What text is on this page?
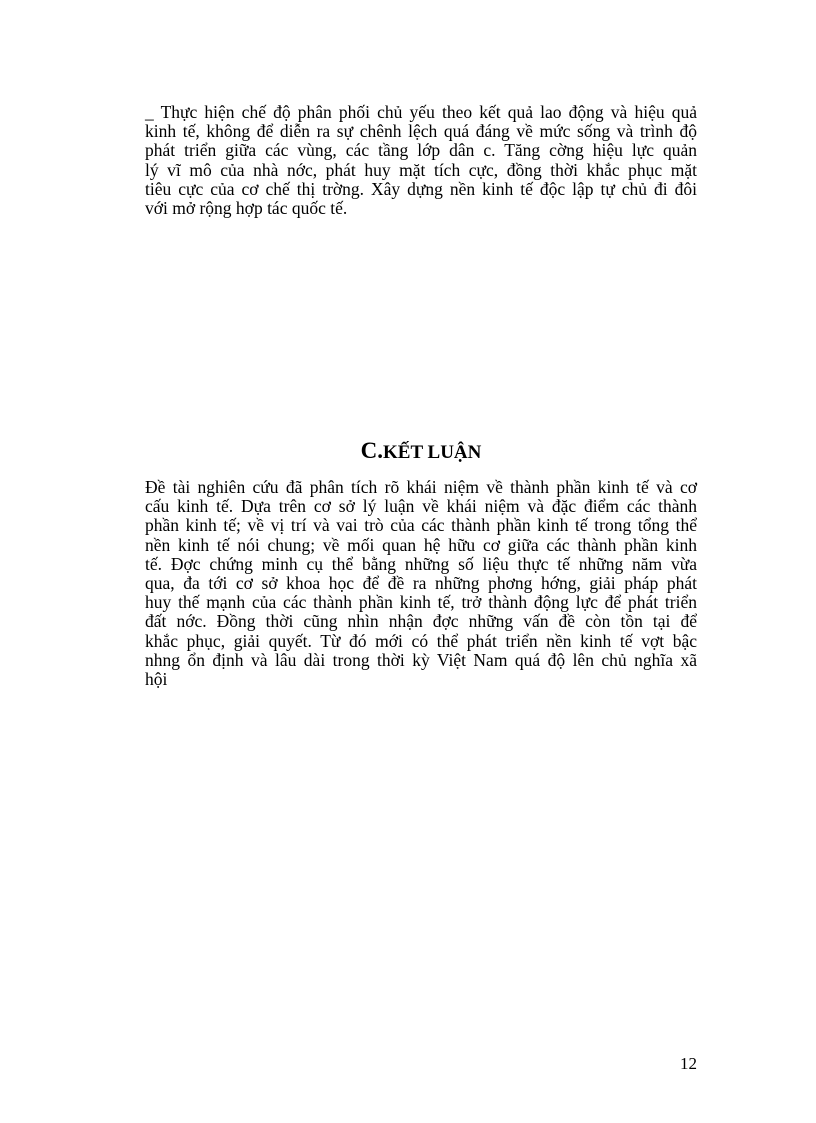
_ Thực hiện chế độ phân phối chủ yếu theo kết quả lao động và hiệu quả
kinh tế, không để diễn ra sự chênh lệch quá đáng về mức sống và trình độ
phát triển giữa các vùng, các tầng lớp dân c. Tăng cờng hiệu lực quản
lý vĩ mô của nhà nớc, phát huy mặt tích cực, đồng thời khắc phục mặt
tiêu cực của cơ chế thị trờng. Xây dựng nền kinh tế độc lập tự chủ đi đôi
với mở rộng hợp tác quốc tế.
C.KẾT LUẬN
Đề tài nghiên cứu đã phân tích rõ khái niệm về thành phần kinh tế và cơ
cấu kinh tế. Dựa trên cơ sở lý luận về khái niệm và đặc điểm các thành
phần kinh tế; về vị trí và vai trò của các thành phần kinh tế trong tổng thể
nền kinh tế nói chung; về mối quan hệ hữu cơ giữa các thành phần kinh
tế. Đợc chứng minh cụ thể bằng những số liệu thực tế những năm vừa
qua, đa tới cơ sở khoa học để đề ra những phơng hớng, giải pháp phát
huy thế mạnh của các thành phần kinh tế, trở thành động lực để phát triển
đất nớc. Đồng thời cũng nhìn nhận đợc những vấn đề còn tồn tại để
khắc phục, giải quyết. Từ đó mới có thể phát triển nền kinh tế vợt bậc
nhng ổn định và lâu dài trong thời kỳ Việt Nam quá độ lên chủ nghĩa xã
hội
12
